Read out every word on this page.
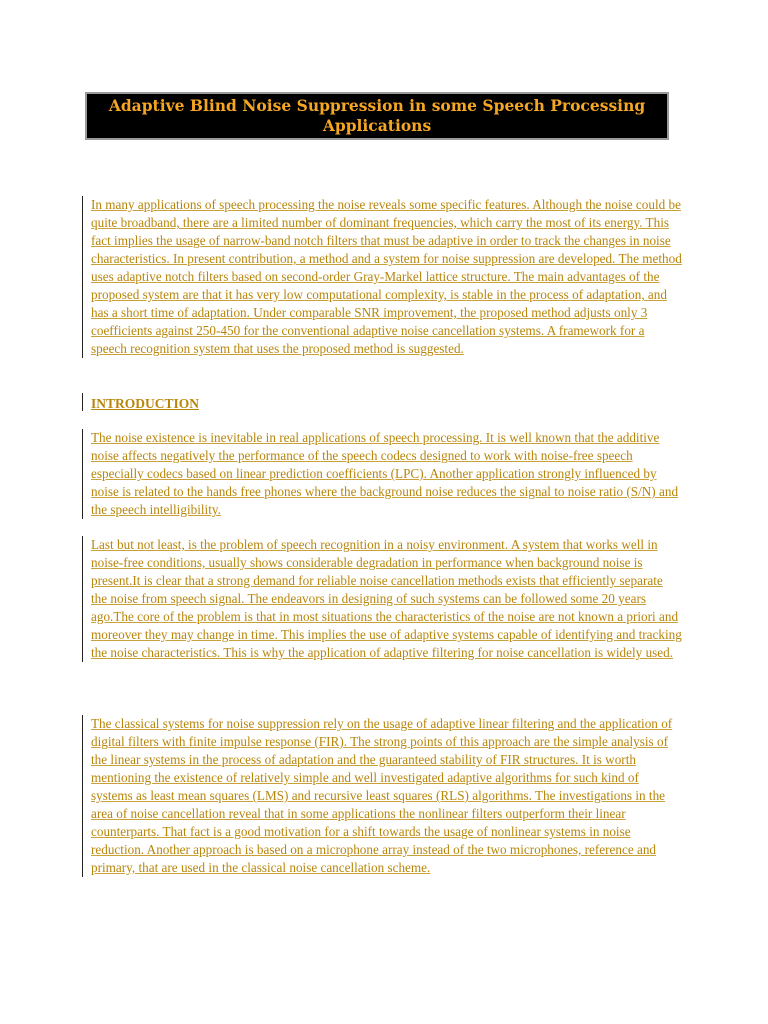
Adaptive Blind Noise Suppression in some Speech Processing Applications

In many applications of speech processing the noise reveals some specific features. Although the noise could be quite broadband, there are a limited number of dominant frequencies, which carry the most of its energy. This fact implies the usage of narrow-band notch filters that must be adaptive in order to track the changes in noise characteristics. In present contribution, a method and a system for noise suppression are developed. The method uses adaptive notch filters based on second-order Gray-Markel lattice structure. The main advantages of the proposed system are that it has very low computational complexity, is stable in the process of adaptation, and has a short time of adaptation. Under comparable SNR improvement, the proposed method adjusts only 3 coefficients against 250-450 for the conventional adaptive noise cancellation systems. A framework for a speech recognition system that uses the proposed method is suggested.

INTRODUCTION

The noise existence is inevitable in real applications of speech processing. It is well known that the additive noise affects negatively the performance of the speech codecs designed to work with noise-free speech especially codecs based on linear prediction coefficients (LPC). Another application strongly influenced by noise is related to the hands free phones where the background noise reduces the signal to noise ratio (S/N) and the speech intelligibility.

Last but not least, is the problem of speech recognition in a noisy environment. A system that works well in noise-free conditions, usually shows considerable degradation in performance when background noise is present.It is clear that a strong demand for reliable noise cancellation methods exists that efficiently separate the noise from speech signal. The endeavors in designing of such systems can be followed some 20 years ago.The core of the problem is that in most situations the characteristics of the noise are not known a priori and moreover they may change in time. This implies the use of adaptive systems capable of identifying and tracking the noise characteristics. This is why the application of adaptive filtering for noise cancellation is widely used.

The classical systems for noise suppression rely on the usage of adaptive linear filtering and the application of digital filters with finite impulse response (FIR). The strong points of this approach are the simple analysis of the linear systems in the process of adaptation and the guaranteed stability of FIR structures. It is worth mentioning the existence of relatively simple and well investigated adaptive algorithms for such kind of systems as least mean squares (LMS) and recursive least squares (RLS) algorithms. The investigations in the area of noise cancellation reveal that in some applications the nonlinear filters outperform their linear counterparts. That fact is a good motivation for a shift towards the usage of nonlinear systems in noise reduction. Another approach is based on a microphone array instead of the two microphones, reference and primary, that are used in the classical noise cancellation scheme.
